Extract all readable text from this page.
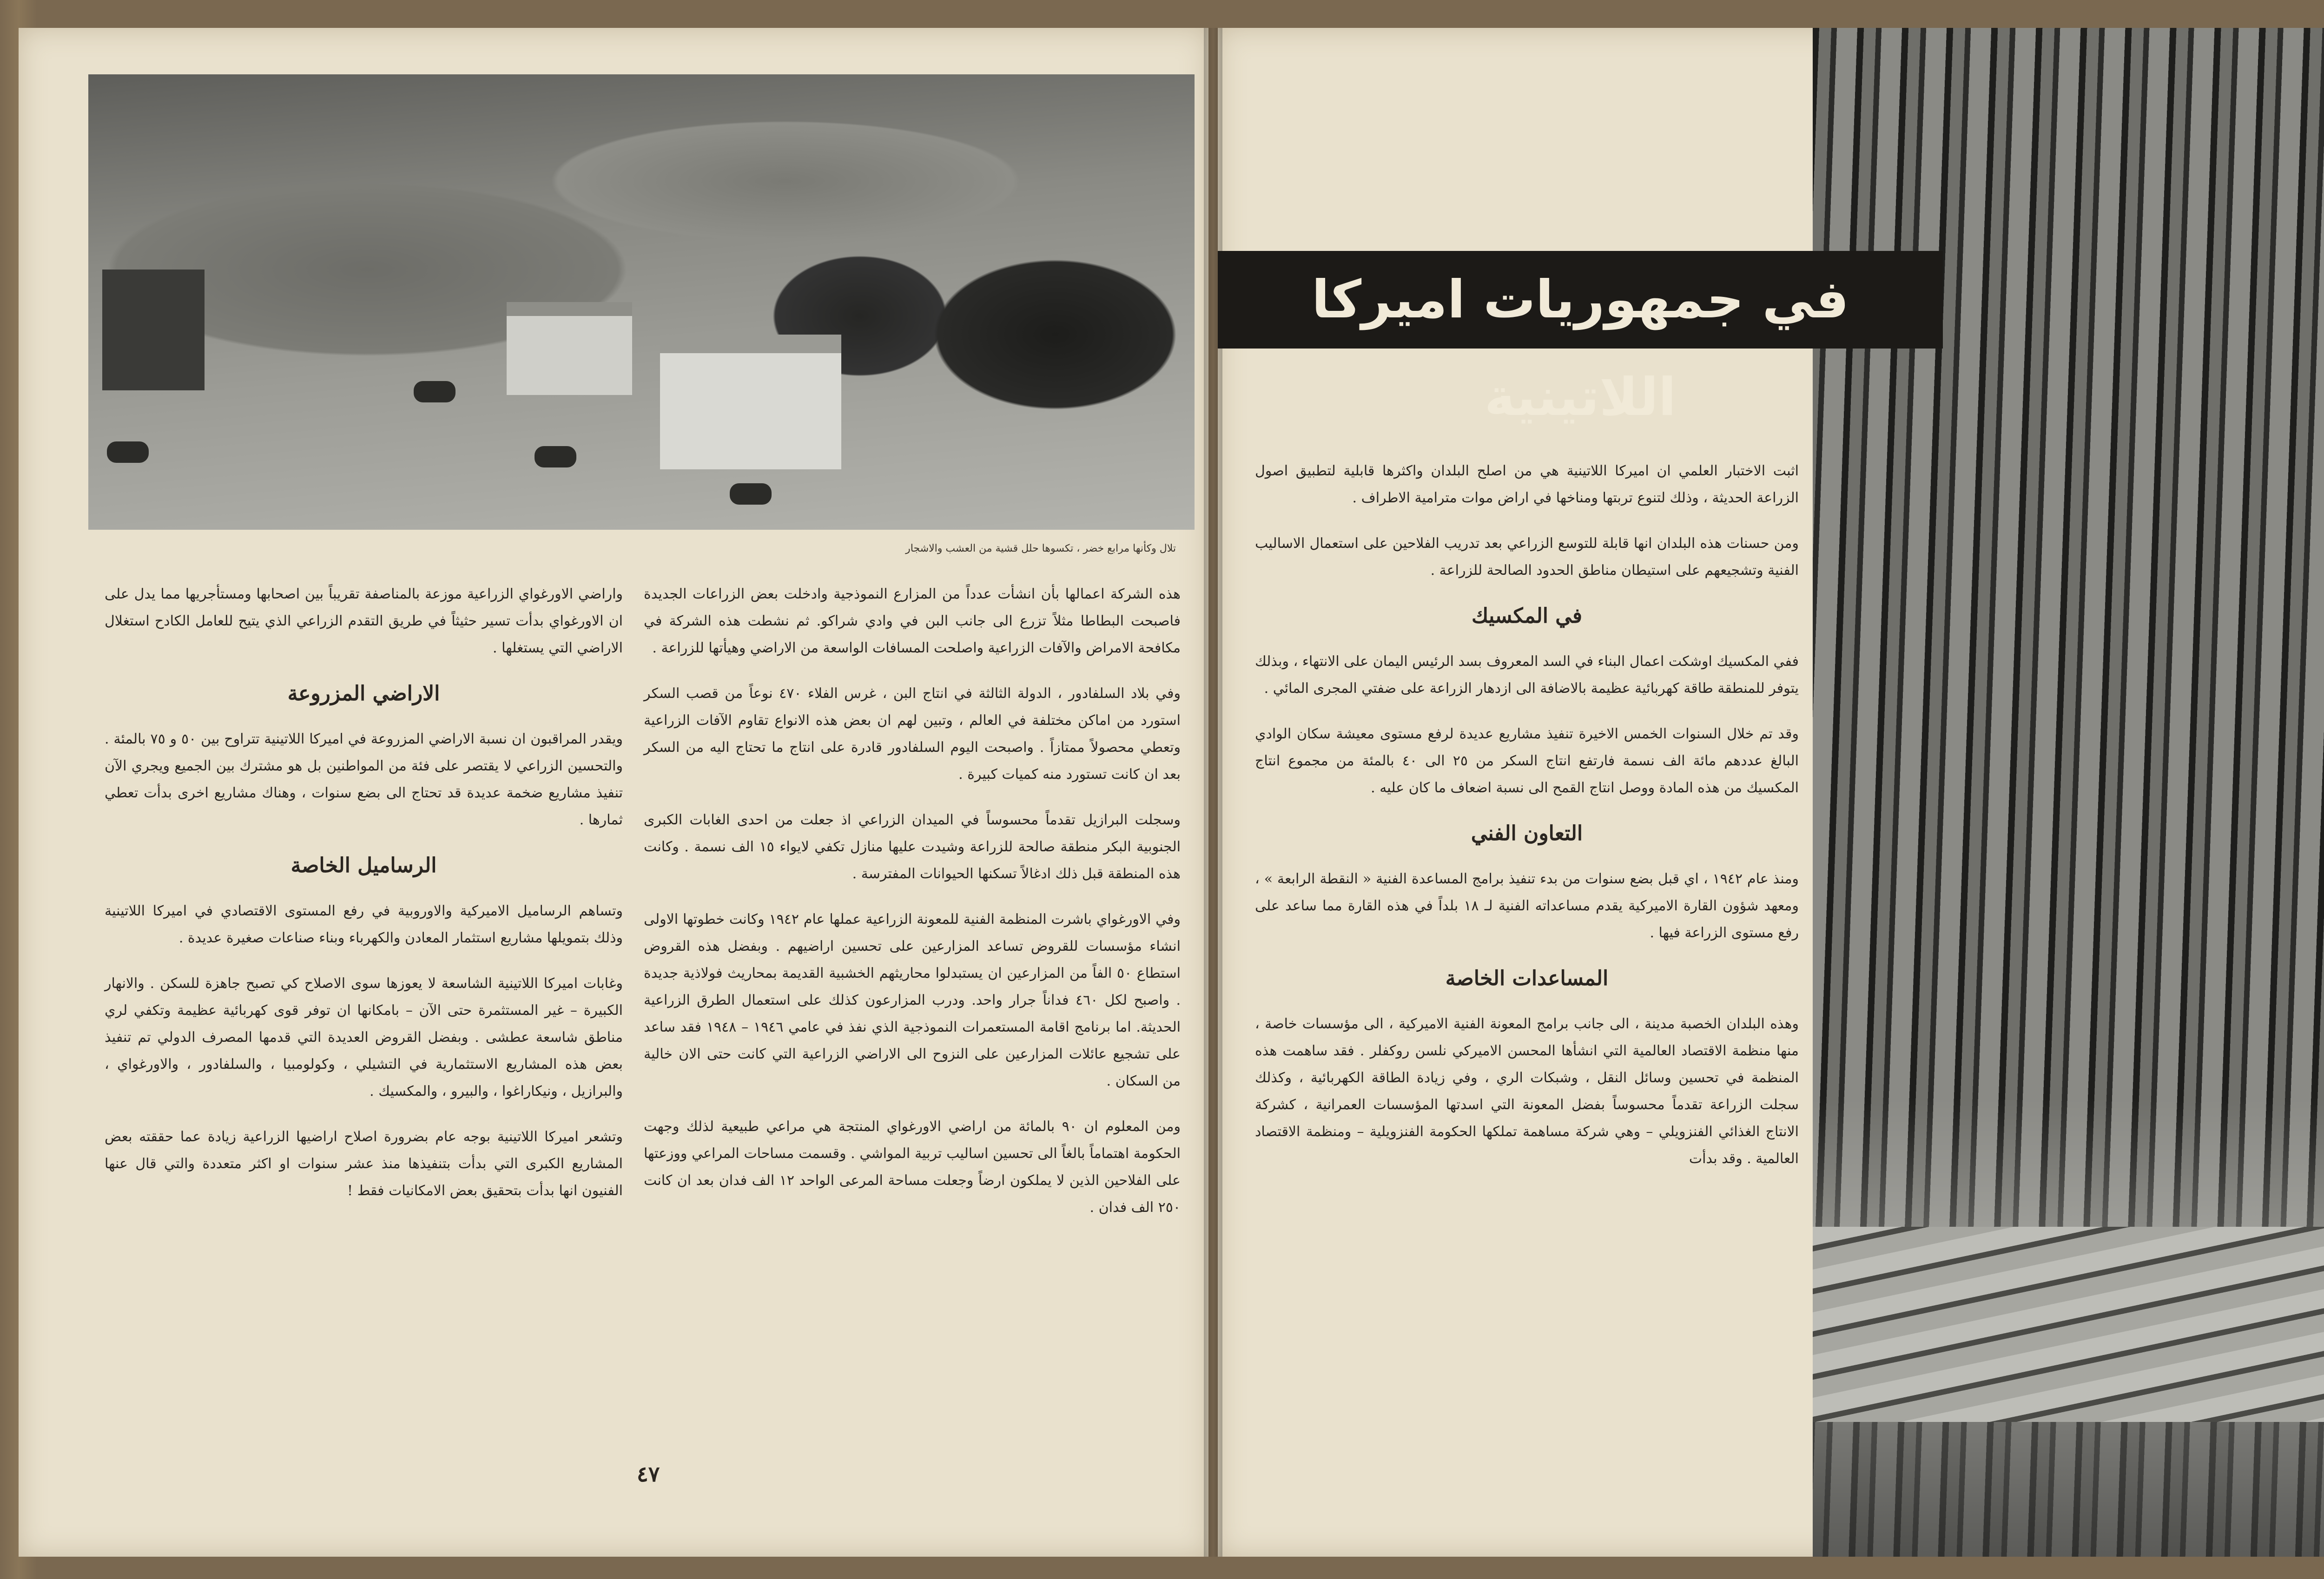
تلال وكأنها مرابع خضر ، تكسوها حلل قشية من العشب والاشجار

هذه الشركة اعمالها بأن انشأت عدداً من المزارع النموذجية وادخلت بعض الزراعات الجديدة فاصبحت البطاطا مثلاً تزرع الى جانب البن في وادي شراكو. ثم نشطت هذه الشركة في مكافحة الامراض والآفات الزراعية واصلحت المسافات الواسعة من الاراضي وهيأتها للزراعة .

وفي بلاد السلفادور ، الدولة الثالثة في انتاج البن ، غرس الفلاء ٤٧٠ نوعاً من قصب السكر استورد من اماكن مختلفة في العالم ، وتبين لهم ان بعض هذه الانواع تقاوم الآفات الزراعية وتعطي محصولاً ممتازاً . واصبحت اليوم السلفادور قادرة على انتاج ما تحتاج اليه من السكر بعد ان كانت تستورد منه كميات كبيرة .

وسجلت البرازيل تقدماً محسوساً في الميدان الزراعي اذ جعلت من احدى الغابات الكبرى الجنوبية البكر منطقة صالحة للزراعة وشيدت عليها منازل تكفي لايواء ١٥ الف نسمة . وكانت هذه المنطقة قبل ذلك ادغالاً تسكنها الحيوانات المفترسة .

وفي الاورغواي باشرت المنظمة الفنية للمعونة الزراعية عملها عام ١٩٤٢ وكانت خطوتها الاولى انشاء مؤسسات للقروض تساعد المزارعين على تحسين اراضيهم . وبفضل هذه القروض استطاع ٥٠ الفاً من المزارعين ان يستبدلوا محاريثهم الخشبية القديمة بمحاريث فولاذية جديدة . واصبح لكل ٤٦٠ فداناً جرار واحد. ودرب المزارعون كذلك على استعمال الطرق الزراعية الحديثة. اما برنامج اقامة المستعمرات النموذجية الذي نفذ في عامي ١٩٤٦ – ١٩٤٨ فقد ساعد على تشجيع عائلات المزارعين على النزوح الى الاراضي الزراعية التي كانت حتى الان خالية من السكان .

ومن المعلوم ان ٩٠ بالمائة من اراضي الاورغواي المنتجة هي مراعي طبيعية لذلك وجهت الحكومة اهتماماً بالغاً الى تحسين اساليب تربية المواشي . وقسمت مساحات المراعي ووزعتها على الفلاحين الذين لا يملكون ارضاً وجعلت مساحة المرعى الواحد ١٢ الف فدان بعد ان كانت ٢٥٠ الف فدان .

واراضي الاورغواي الزراعية موزعة بالمناصفة تقريباً بين اصحابها ومستأجريها مما يدل على ان الاورغواي بدأت تسير حثيثاً في طريق التقدم الزراعي الذي يتيح للعامل الكادح استغلال الاراضي التي يستغلها .

الاراضي المزروعة

ويقدر المراقبون ان نسبة الاراضي المزروعة في اميركا اللاتينية تتراوح بين ٥٠ و ٧٥ بالمئة . والتحسين الزراعي لا يقتصر على فئة من المواطنين بل هو مشترك بين الجميع ويجري الآن تنفيذ مشاريع ضخمة عديدة قد تحتاج الى بضع سنوات ، وهناك مشاريع اخرى بدأت تعطي ثمارها .

الرساميل الخاصة

وتساهم الرساميل الاميركية والاوروبية في رفع المستوى الاقتصادي في اميركا اللاتينية وذلك بتمويلها مشاريع استثمار المعادن والكهرباء وبناء صناعات صغيرة عديدة .

وغابات اميركا اللاتينية الشاسعة لا يعوزها سوى الاصلاح كي تصبح جاهزة للسكن . والانهار الكبيرة – غير المستثمرة حتى الآن – بامكانها ان توفر قوى كهربائية عظيمة وتكفي لري مناطق شاسعة عطشى . وبفضل القروض العديدة التي قدمها المصرف الدولي تم تنفيذ بعض هذه المشاريع الاستثمارية في التشيلي ، وكولومبيا ، والسلفادور ، والاورغواي ، والبرازيل ، ونيكاراغوا ، والبيرو ، والمكسيك .

وتشعر اميركا اللاتينية بوجه عام بضرورة اصلاح اراضيها الزراعية زيادة عما حققته بعض المشاريع الكبرى التي بدأت بتنفيذها منذ عشر سنوات او اكثر متعددة والتي قال عنها الفنيون انها بدأت بتحقيق بعض الامكانيات فقط !

٤٧
في جمهوريات اميركا اللاتينية

اثبت الاختبار العلمي ان اميركا اللاتينية هي من اصلح البلدان واكثرها قابلية لتطبيق اصول الزراعة الحديثة ، وذلك لتنوع تربتها ومناخها في اراض موات مترامية الاطراف .

ومن حسنات هذه البلدان انها قابلة للتوسع الزراعي بعد تدريب الفلاحين على استعمال الاساليب الفنية وتشجيعهم على استيطان مناطق الحدود الصالحة للزراعة .

في المكسيك

ففي المكسيك اوشكت اعمال البناء في السد المعروف بسد الرئيس اليمان على الانتهاء ، وبذلك يتوفر للمنطقة طاقة كهربائية عظيمة بالاضافة الى ازدهار الزراعة على ضفتي المجرى المائي .

وقد تم خلال السنوات الخمس الاخيرة تنفيذ مشاريع عديدة لرفع مستوى معيشة سكان الوادي البالغ عددهم مائة الف نسمة فارتفع انتاج السكر من ٢٥ الى ٤٠ بالمئة من مجموع انتاج المكسيك من هذه المادة ووصل انتاج القمح الى نسبة اضعاف ما كان عليه .

التعاون الفني

ومنذ عام ١٩٤٢ ، اي قبل بضع سنوات من بدء تنفيذ برامج المساعدة الفنية « النقطة الرابعة » ، ومعهد شؤون القارة الاميركية يقدم مساعداته الفنية لـ ١٨ بلداً في هذه القارة مما ساعد على رفع مستوى الزراعة فيها .

المساعدات الخاصة

وهذه البلدان الخصبة مدينة ، الى جانب برامج المعونة الفنية الاميركية ، الى مؤسسات خاصة ، منها منظمة الاقتصاد العالمية التي انشأها المحسن الاميركي نلسن روكفلر . فقد ساهمت هذه المنظمة في تحسين وسائل النقل ، وشبكات الري ، وفي زيادة الطاقة الكهربائية ، وكذلك سجلت الزراعة تقدماً محسوساً بفضل المعونة التي اسدتها المؤسسات العمرانية ، كشركة الانتاج الغذائي الفنزويلي – وهي شركة مساهمة تملكها الحكومة الفنزويلية – ومنظمة الاقتصاد العالمية . وقد بدأت
